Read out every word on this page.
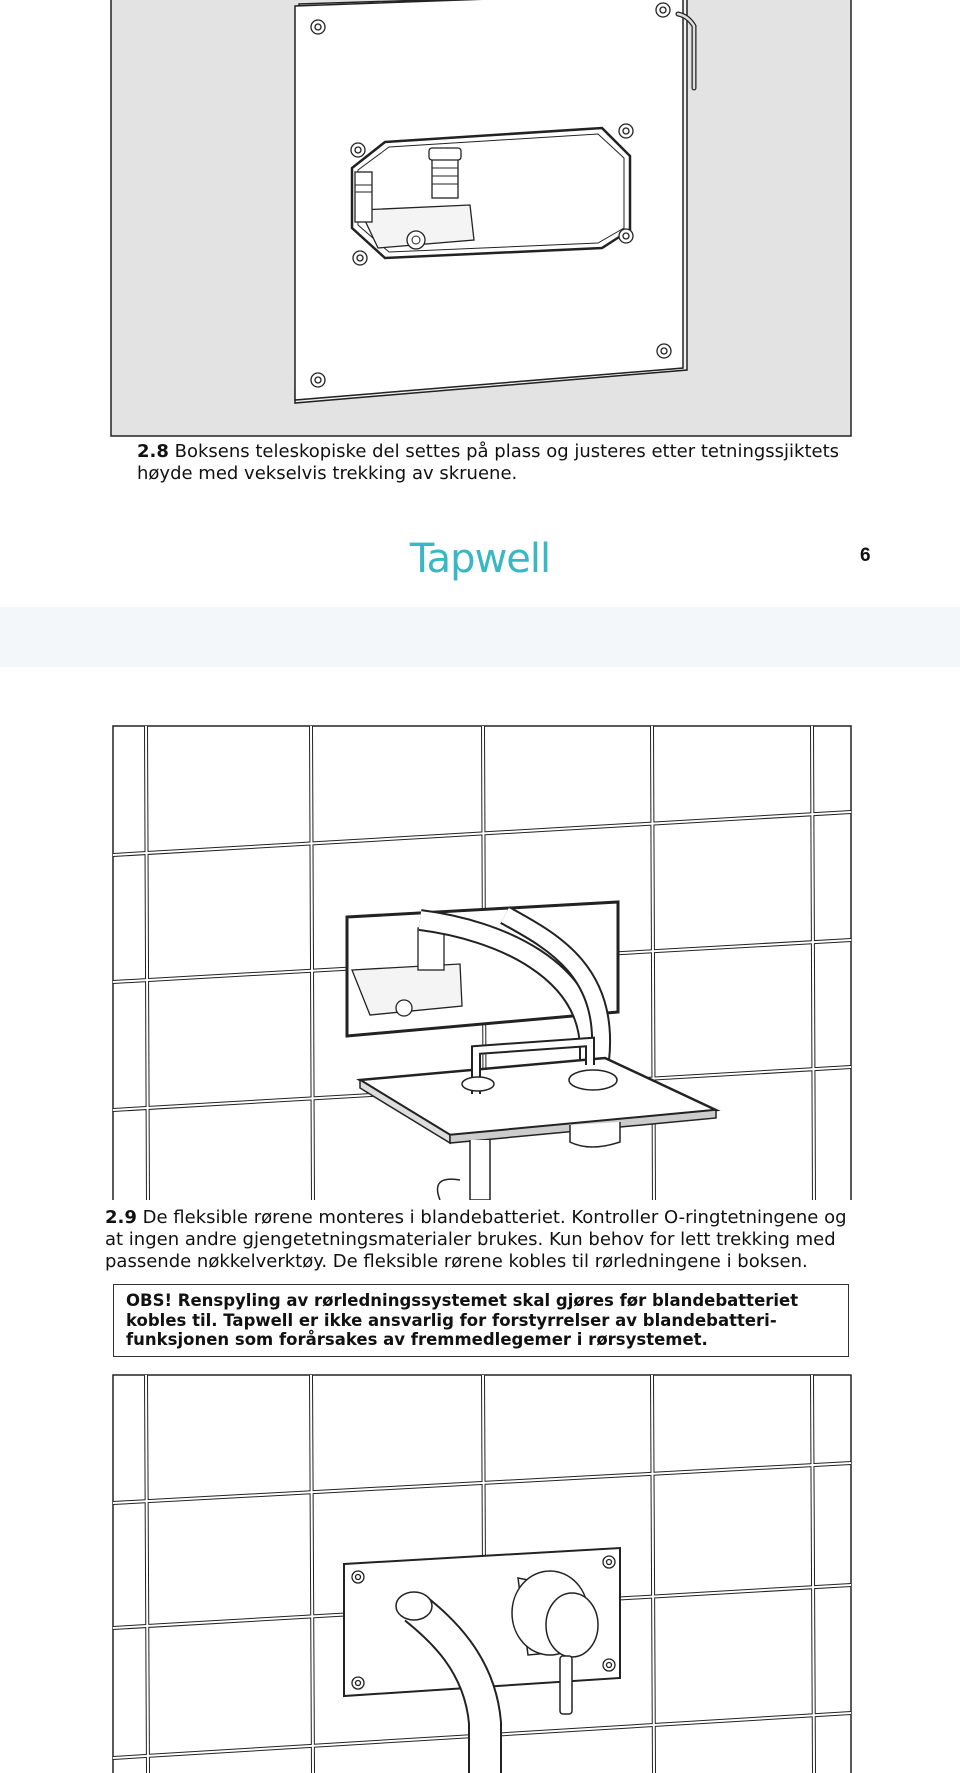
2.8 Boksens teleskopiske del settes på plass og justeres etter tetningssjiktets høyde med vekselvis trekking av skruene.
Tapwell	6
2.9 De fleksible rørene monteres i blandebatteriet. Kontroller O-ringtetningene og at ingen andre gjengetetningsmaterialer brukes. Kun behov for lett trekking med passende nøkkelverktøy. De fleksible rørene kobles til rørledningene i boksen.
OBS! Renspyling av rørledningssystemet skal gjøres før blandebatteriet kobles til. Tapwell er ikke ansvarlig for forstyrrelser av blandebatteri-funksjonen som forårsakes av fremmedlegemer i rørsystemet.
